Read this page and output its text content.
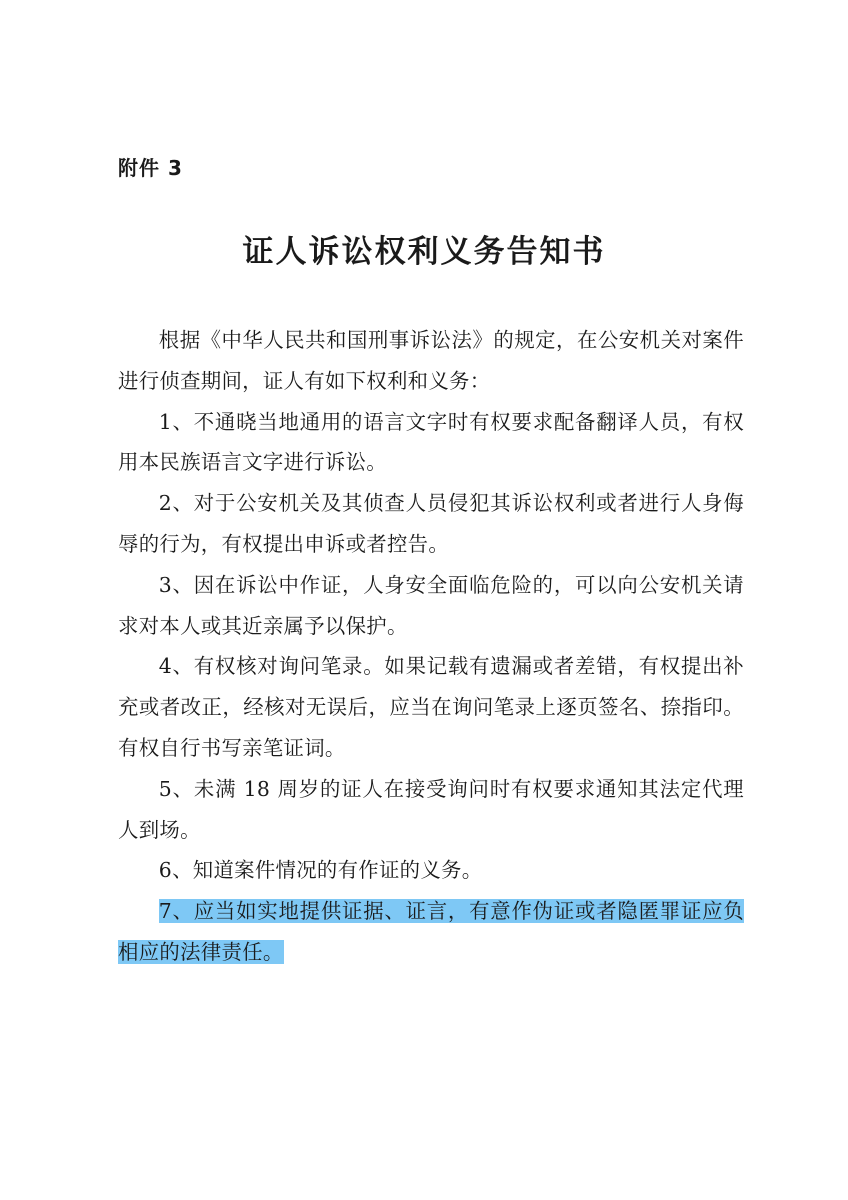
附件 3
证人诉讼权利义务告知书

根据《中华人民共和国刑事诉讼法》的规定，在公安机关对案件进行侦查期间，证人有如下权利和义务：

1、不通晓当地通用的语言文字时有权要求配备翻译人员，有权用本民族语言文字进行诉讼。

2、对于公安机关及其侦查人员侵犯其诉讼权利或者进行人身侮辱的行为，有权提出申诉或者控告。

3、因在诉讼中作证，人身安全面临危险的，可以向公安机关请求对本人或其近亲属予以保护。

4、有权核对询问笔录。如果记载有遗漏或者差错，有权提出补充或者改正，经核对无误后，应当在询问笔录上逐页签名、捺指印。有权自行书写亲笔证词。

5、未满 18 周岁的证人在接受询问时有权要求通知其法定代理人到场。

6、知道案件情况的有作证的义务。

7、应当如实地提供证据、证言，有意作伪证或者隐匿罪证应负相应的法律责任。
